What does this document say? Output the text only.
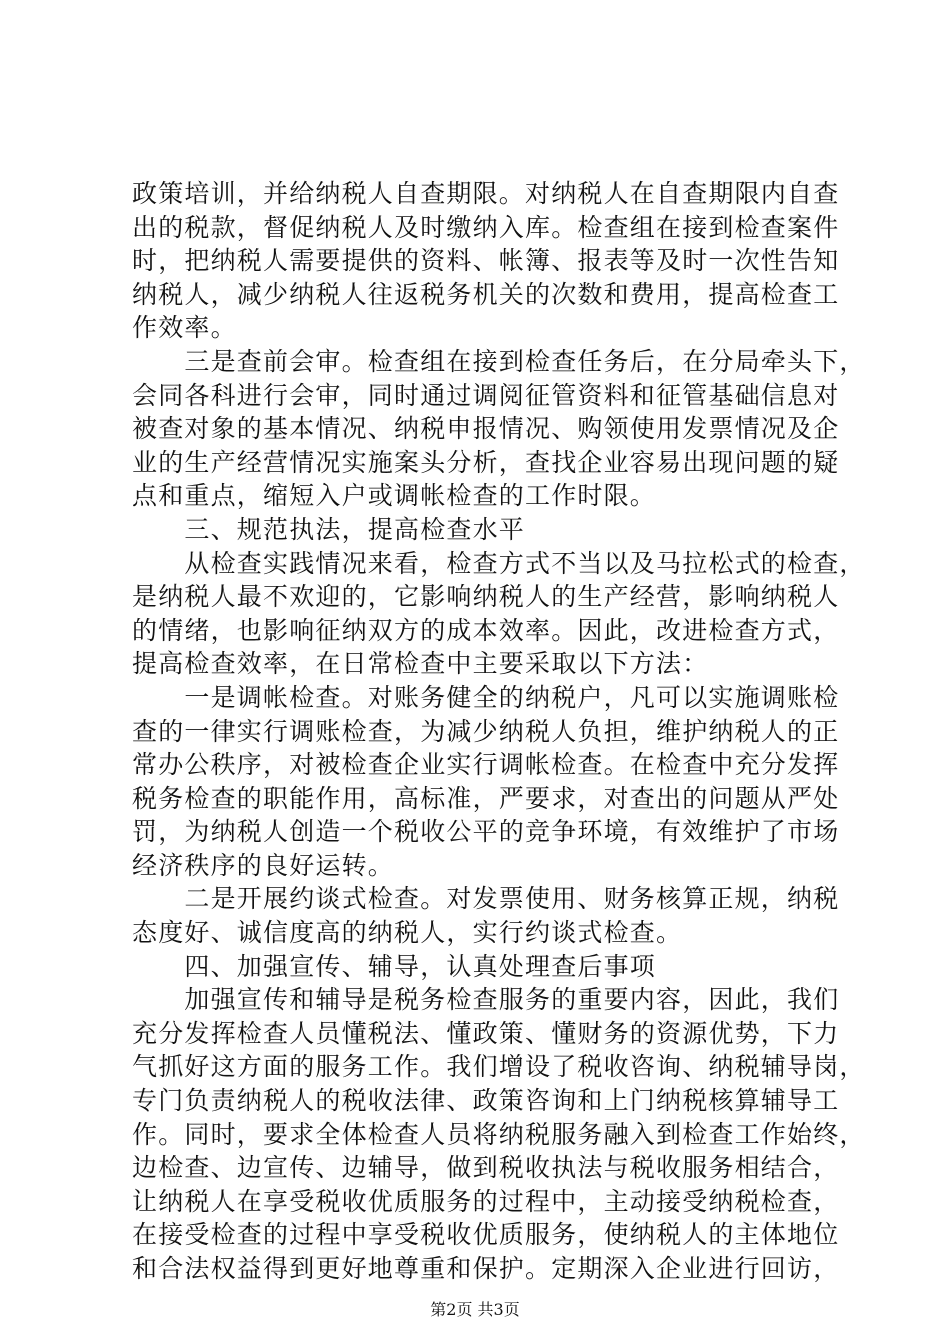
政策培训，并给纳税人自查期限。对纳税人在自查期限内自查
出的税款，督促纳税人及时缴纳入库。检查组在接到检查案件
时，把纳税人需要提供的资料、帐簿、报表等及时一次性告知
纳税人，减少纳税人往返税务机关的次数和费用，提高检查工
作效率。
　　三是查前会审。检查组在接到检查任务后，在分局牵头下，
会同各科进行会审，同时通过调阅征管资料和征管基础信息对
被查对象的基本情况、纳税申报情况、购领使用发票情况及企
业的生产经营情况实施案头分析，查找企业容易出现问题的疑
点和重点，缩短入户或调帐检查的工作时限。
　　三、规范执法，提高检查水平
　　从检查实践情况来看，检查方式不当以及马拉松式的检查，
是纳税人最不欢迎的，它影响纳税人的生产经营，影响纳税人
的情绪，也影响征纳双方的成本效率。因此，改进检查方式，
提高检查效率，在日常检查中主要采取以下方法：
　　一是调帐检查。对账务健全的纳税户，凡可以实施调账检
查的一律实行调账检查，为减少纳税人负担，维护纳税人的正
常办公秩序，对被检查企业实行调帐检查。在检查中充分发挥
税务检查的职能作用，高标准，严要求，对查出的问题从严处
罚，为纳税人创造一个税收公平的竞争环境，有效维护了市场
经济秩序的良好运转。
　　二是开展约谈式检查。对发票使用、财务核算正规，纳税
态度好、诚信度高的纳税人，实行约谈式检查。
　　四、加强宣传、辅导，认真处理查后事项
　　加强宣传和辅导是税务检查服务的重要内容，因此，我们
充分发挥检查人员懂税法、懂政策、懂财务的资源优势，下力
气抓好这方面的服务工作。我们增设了税收咨询、纳税辅导岗，
专门负责纳税人的税收法律、政策咨询和上门纳税核算辅导工
作。同时，要求全体检查人员将纳税服务融入到检查工作始终，
边检查、边宣传、边辅导，做到税收执法与税收服务相结合，
让纳税人在享受税收优质服务的过程中，主动接受纳税检查，
在接受检查的过程中享受税收优质服务，使纳税人的主体地位
和合法权益得到更好地尊重和保护。定期深入企业进行回访，
第2页 共3页
